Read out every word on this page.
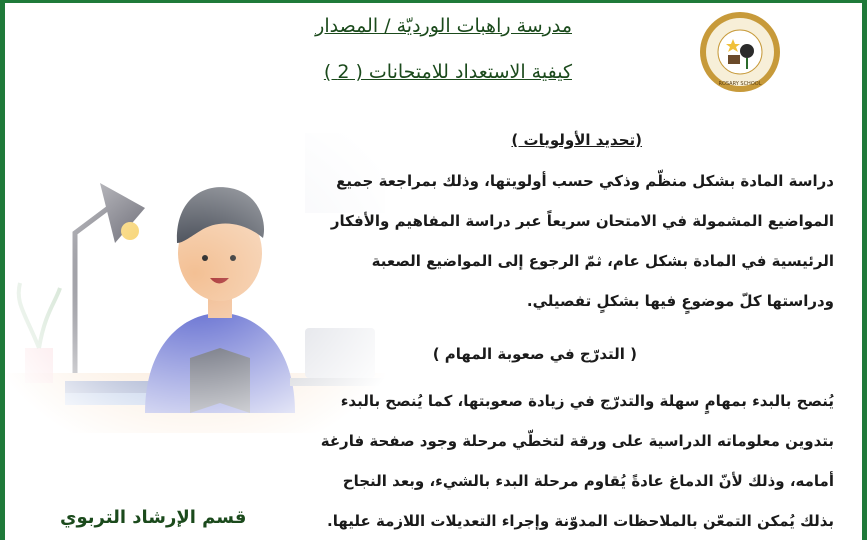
ROSARY SCHOOL
مدرسة راهبات الورديّة / المصدار
كيفية الاستعداد للامتحانات ( 2 )
(تحديد الأولويات )
دراسة المادة بشكل منظّم وذكي حسب أولويتها، وذلك بمراجعة جميع المواضيع المشمولة في الامتحان سريعاً عبر دراسة المفاهيم والأفكار الرئيسية في المادة بشكل عام، ثمّ الرجوع إلى المواضيع الصعبة ودراستها كلّ موضوعٍ فيها بشكلٍ تفصيلي.
( التدرّج في صعوبة المهام )
يُنصح بالبدء بمهامٍ سهلة والتدرّج في زيادة صعوبتها، كما يُنصح بالبدء بتدوين معلوماته الدراسية على ورقة لتخطّي مرحلة وجود صفحة فارغة أمامه، وذلك لأنّ الدماغ عادةً يُقاوم مرحلة البدء بالشيء، وبعد النجاح بذلك يُمكن التمعّن بالملاحظات المدوّنة وإجراء التعديلات اللازمة عليها.
قسم الإرشاد التربوي
